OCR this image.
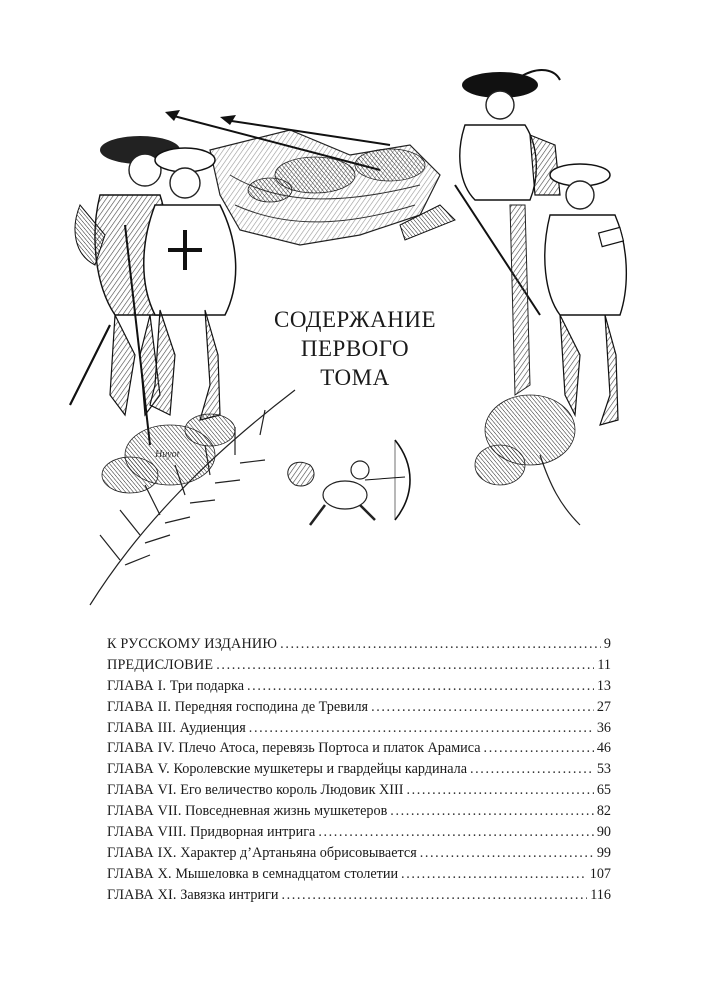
Huyot
СОДЕРЖАНИЕ
ПЕРВОГО
ТОМА
К РУССКОМУ ИЗДАНИЮ .....	9
ПРЕДИСЛОВИЕ .....	11
ГЛАВА I. Три подарка .....	13
ГЛАВА II. Передняя господина де Тревиля .....	27
ГЛАВА III. Аудиенция .....	36
ГЛАВА IV. Плечо Атоса, перевязь Портоса и платок Арамиса .....	46
ГЛАВА V. Королевские мушкетеры и гвардейцы кардинала .....	53
ГЛАВА VI. Его величество король Людовик XIII .....	65
ГЛАВА VII. Повседневная жизнь мушкетеров .....	82
ГЛАВА VIII. Придворная интрига .....	90
ГЛАВА IX. Характер д’Артаньяна обрисовывается .....	99
ГЛАВА X. Мышеловка в семнадцатом столетии .....	107
ГЛАВА XI. Завязка интриги .....	116
